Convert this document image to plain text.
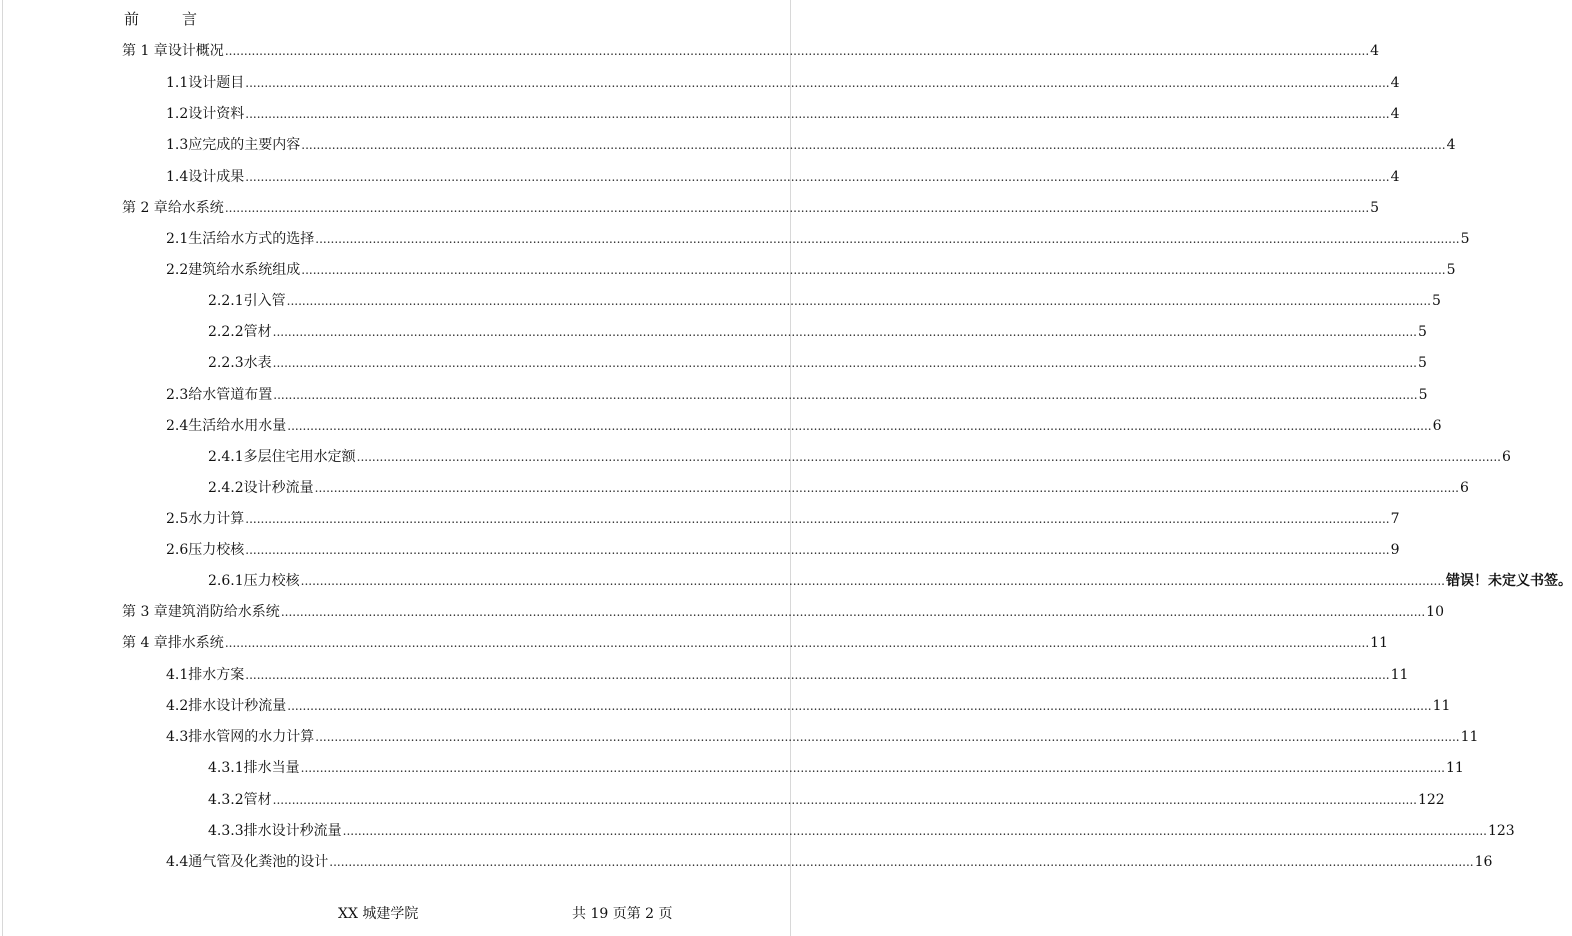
前　言
第 1 章 设计概况 ............................................................................................................................................................................................................................................................................................................ 4
1.1 设计题目 ............................................................................................................................................................................................................................................................................................................ 4
1.2 设计资料 ............................................................................................................................................................................................................................................................................................................ 4
1.3 应完成的主要内容 ............................................................................................................................................................................................................................................................................................................ 4
1.4 设计成果 ............................................................................................................................................................................................................................................................................................................ 4
第 2 章 给水系统 ............................................................................................................................................................................................................................................................................................................ 5
2.1 生活给水方式的选择 ............................................................................................................................................................................................................................................................................................................ 5
2.2 建筑给水系统组成 ............................................................................................................................................................................................................................................................................................................ 5
2.2.1 引入管 ............................................................................................................................................................................................................................................................................................................ 5
2.2.2 管材 ............................................................................................................................................................................................................................................................................................................ 5
2.2.3 水表 ............................................................................................................................................................................................................................................................................................................ 5
2.3 给水管道布置 ............................................................................................................................................................................................................................................................................................................ 5
2.4 生活给水用水量 ............................................................................................................................................................................................................................................................................................................ 6
2.4.1 多层住宅用水定额 ............................................................................................................................................................................................................................................................................................................ 6
2.4.2 设计秒流量 ............................................................................................................................................................................................................................................................................................................ 6
2.5 水力计算 ............................................................................................................................................................................................................................................................................................................ 7
2.6 压力校核 ............................................................................................................................................................................................................................................................................................................ 9
2.6.1 压力校核 ............................................................................................................................................................................................................................................................................................................ 错误！未定义书签。
第 3 章 建筑消防给水系统 ............................................................................................................................................................................................................................................................................................................ 10
第 4 章 排水系统 ............................................................................................................................................................................................................................................................................................................ 11
4.1 排水方案 ............................................................................................................................................................................................................................................................................................................ 11
4.2 排水设计秒流量 ............................................................................................................................................................................................................................................................................................................ 11
4.3 排水管网的水力计算 ............................................................................................................................................................................................................................................................................................................ 11
4.3.1 排水当量 ............................................................................................................................................................................................................................................................................................................ 11
4.3.2 管材 ............................................................................................................................................................................................................................................................................................................ 122
4.3.3 排水设计秒流量 ............................................................................................................................................................................................................................................................................................................ 123
4.4 通气管及化粪池的设计 ............................................................................................................................................................................................................................................................................................................ 16
XX 城建学院	共 19 页第 2 页
